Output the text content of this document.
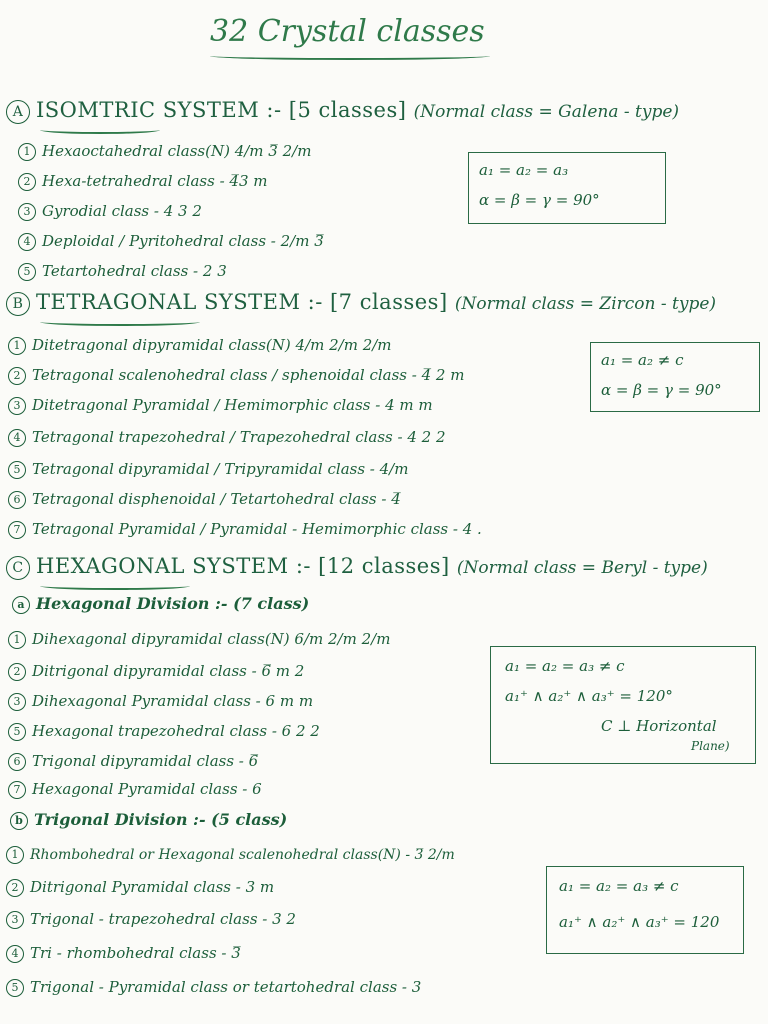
32 Crystal classes
A ISOMTRIC SYSTEM :- [5 classes] (Normal class = Galena - type)
1 Hexaoctahedral class(N) 4/m 3̅ 2/m
2 Hexa-tetrahedral class - 4̅3 m
3 Gyrodial class - 4 3 2
4 Deploidal / Pyritohedral class - 2/m 3̅
5 Tetartohedral class - 2 3
a₁ = a₂ = a₃
α = β = γ = 90°
B TETRAGONAL SYSTEM :- [7 classes] (Normal class = Zircon - type)
1 Ditetragonal dipyramidal class(N) 4/m 2/m 2/m
2 Tetragonal scalenohedral class / sphenoidal class - 4̅ 2 m
3 Ditetragonal Pyramidal / Hemimorphic class - 4 m m
4 Tetragonal trapezohedral / Trapezohedral class - 4 2 2
5 Tetragonal dipyramidal / Tripyramidal class - 4/m
6 Tetragonal disphenoidal / Tetartohedral class - 4̅
7 Tetragonal Pyramidal / Pyramidal - Hemimorphic class - 4 .
a₁ = a₂ ≠ c
α = β = γ = 90°
C HEXAGONAL SYSTEM :- [12 classes] (Normal class = Beryl - type)
a Hexagonal Division :- (7 class)
1 Dihexagonal dipyramidal class(N) 6/m 2/m 2/m
2 Ditrigonal dipyramidal class - 6̅ m 2
3 Dihexagonal Pyramidal class - 6 m m
5 Hexagonal trapezohedral class - 6 2 2
6 Trigonal dipyramidal class - 6̅
7 Hexagonal Pyramidal class - 6
a₁ = a₂ = a₃ ≠ c
a₁⁺ ∧ a₂⁺ ∧ a₃⁺ = 120°
C ⊥ Horizontal
Plane)
b Trigonal Division :- (5 class)
1 Rhombohedral or Hexagonal scalenohedral class(N) - 3̅ 2/m
2 Ditrigonal Pyramidal class - 3 m
3 Trigonal - trapezohedral class - 3 2
4 Tri - rhombohedral class - 3̅
5 Trigonal - Pyramidal class or tetartohedral class - 3
a₁ = a₂ = a₃ ≠ c
a₁⁺ ∧ a₂⁺ ∧ a₃⁺ = 120
